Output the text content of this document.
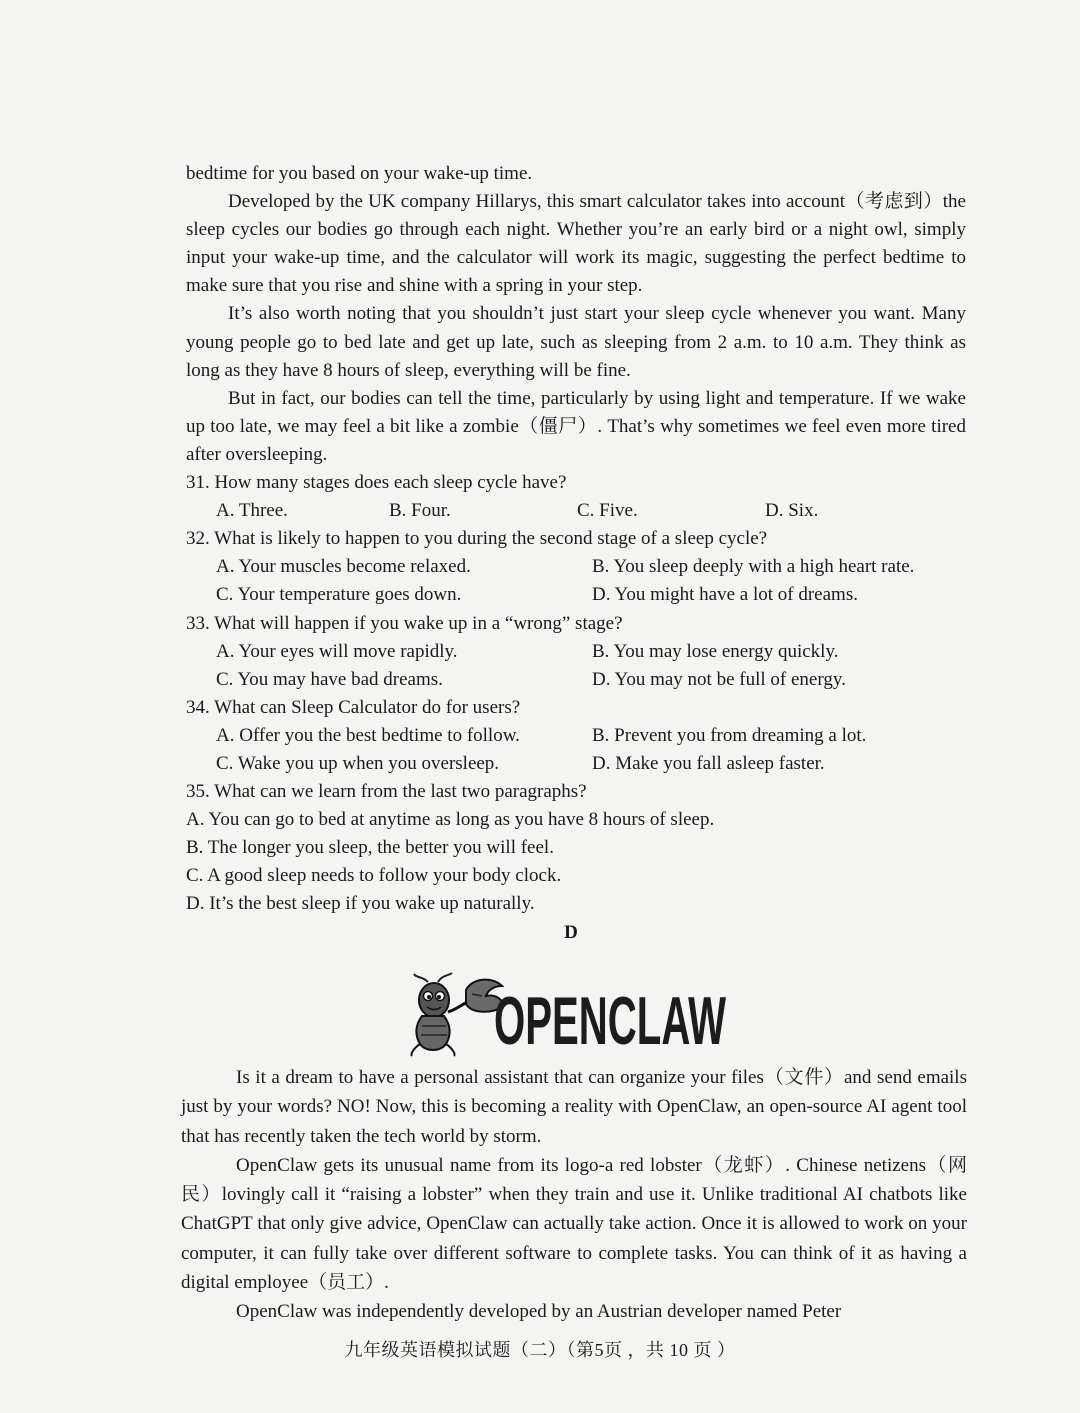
bedtime for you based on your wake-up time.

Developed by the UK company Hillarys, this smart calculator takes into account（考虑到）the sleep cycles our bodies go through each night. Whether you’re an early bird or a night owl, simply input your wake-up time, and the calculator will work its magic, suggesting the perfect bedtime to make sure that you rise and shine with a spring in your step.

It’s also worth noting that you shouldn’t just start your sleep cycle whenever you want. Many young people go to bed late and get up late, such as sleeping from 2 a.m. to 10 a.m. They think as long as they have 8 hours of sleep, everything will be fine.

But in fact, our bodies can tell the time, particularly by using light and temperature. If we wake up too late, we may feel a bit like a zombie（僵尸）. That’s why sometimes we feel even more tired after oversleeping.

31. How many stages does each sleep cycle have?

A. Three.	B. Four.	C. Five.	D. Six.

32. What is likely to happen to you during the second stage of a sleep cycle?

A. Your muscles become relaxed.	B. You sleep deeply with a high heart rate.
C. Your temperature goes down.	D. You might have a lot of dreams.

33. What will happen if you wake up in a “wrong” stage?

A. Your eyes will move rapidly.	B. You may lose energy quickly.
C. You may have bad dreams.	D. You may not be full of energy.

34. What can Sleep Calculator do for users?

A. Offer you the best bedtime to follow.	B. Prevent you from dreaming a lot.
C. Wake you up when you oversleep.	D. Make you fall asleep faster.

35. What can we learn from the last two paragraphs?

A. You can go to bed at anytime as long as you have 8 hours of sleep.

B. The longer you sleep, the better you will feel.

C. A good sleep needs to follow your body clock.

D. It’s the best sleep if you wake up naturally.

D

OPENCLAW

Is it a dream to have a personal assistant that can organize your files（文件）and send emails just by your words? NO! Now, this is becoming a reality with OpenClaw, an open-source AI agent tool that has recently taken the tech world by storm.

OpenClaw gets its unusual name from its logo-a red lobster（龙虾）. Chinese netizens（网民）lovingly call it “raising a lobster” when they train and use it. Unlike traditional AI chatbots like ChatGPT that only give advice, OpenClaw can actually take action. Once it is allowed to work on your computer, it can fully take over different software to complete tasks. You can think of it as having a digital employee（员工）.

OpenClaw was independently developed by an Austrian developer named Peter

九年级英语模拟试题（二）（第5页 ，共 10 页 ）
